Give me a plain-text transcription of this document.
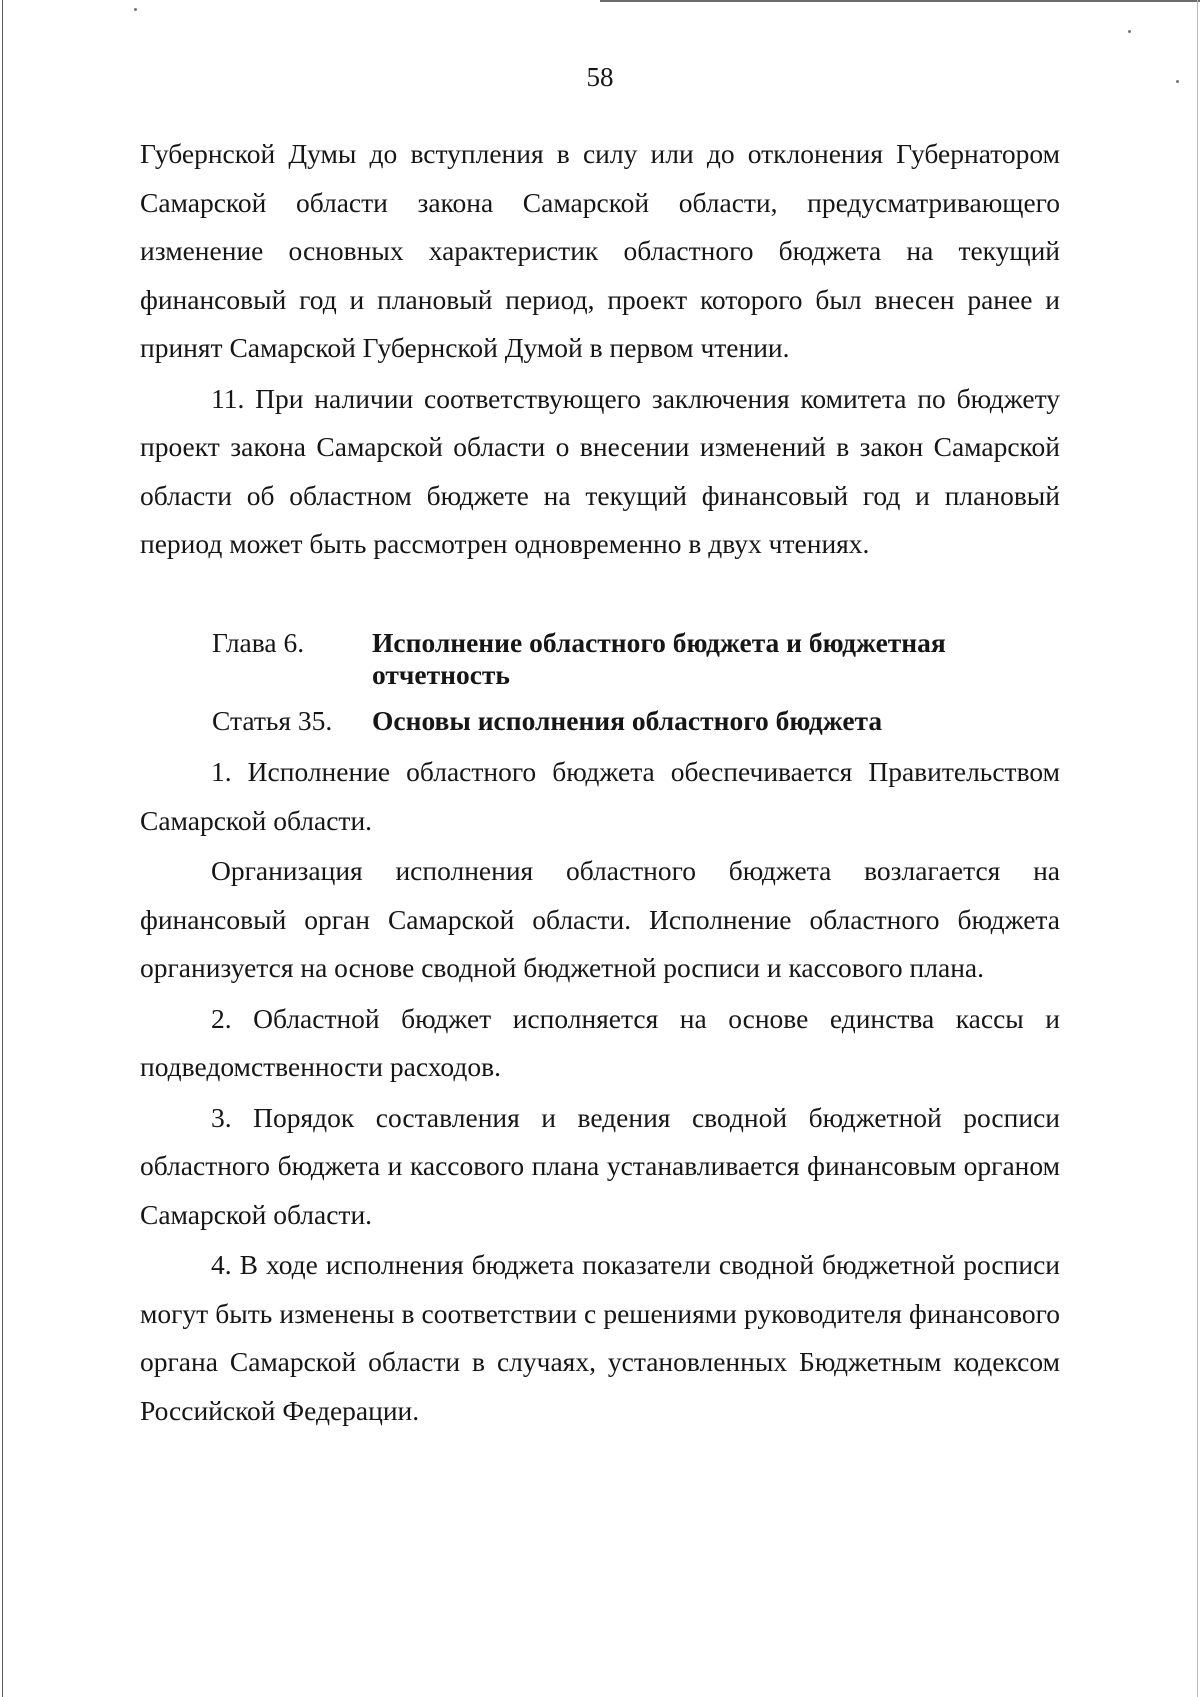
58

Губернской Думы до вступления в силу или до отклонения Губернатором Самарской области закона Самарской области, предусматривающего изменение основных характеристик областного бюджета на текущий финансовый год и плановый период, проект которого был внесен ранее и принят Самарской Губернской Думой в первом чтении.

11. При наличии соответствующего заключения комитета по бюджету проект закона Самарской области о внесении изменений в закон Самарской области об областном бюджете на текущий финансовый год и плановый период может быть рассмотрен одновременно в двух чтениях.

Глава 6.	Исполнение областного бюджета и бюджетная отчетность
Статья 35.	Основы исполнения областного бюджета

1. Исполнение областного бюджета обеспечивается Правительством Самарской области.

Организация исполнения областного бюджета возлагается на финансовый орган Самарской области. Исполнение областного бюджета организуется на основе сводной бюджетной росписи и кассового плана.

2. Областной бюджет исполняется на основе единства кассы и подведомственности расходов.

3. Порядок составления и ведения сводной бюджетной росписи областного бюджета и кассового плана устанавливается финансовым органом Самарской области.

4. В ходе исполнения бюджета показатели сводной бюджетной росписи могут быть изменены в соответствии с решениями руководителя финансового органа Самарской области в случаях, установленных Бюджетным кодексом Российской Федерации.
